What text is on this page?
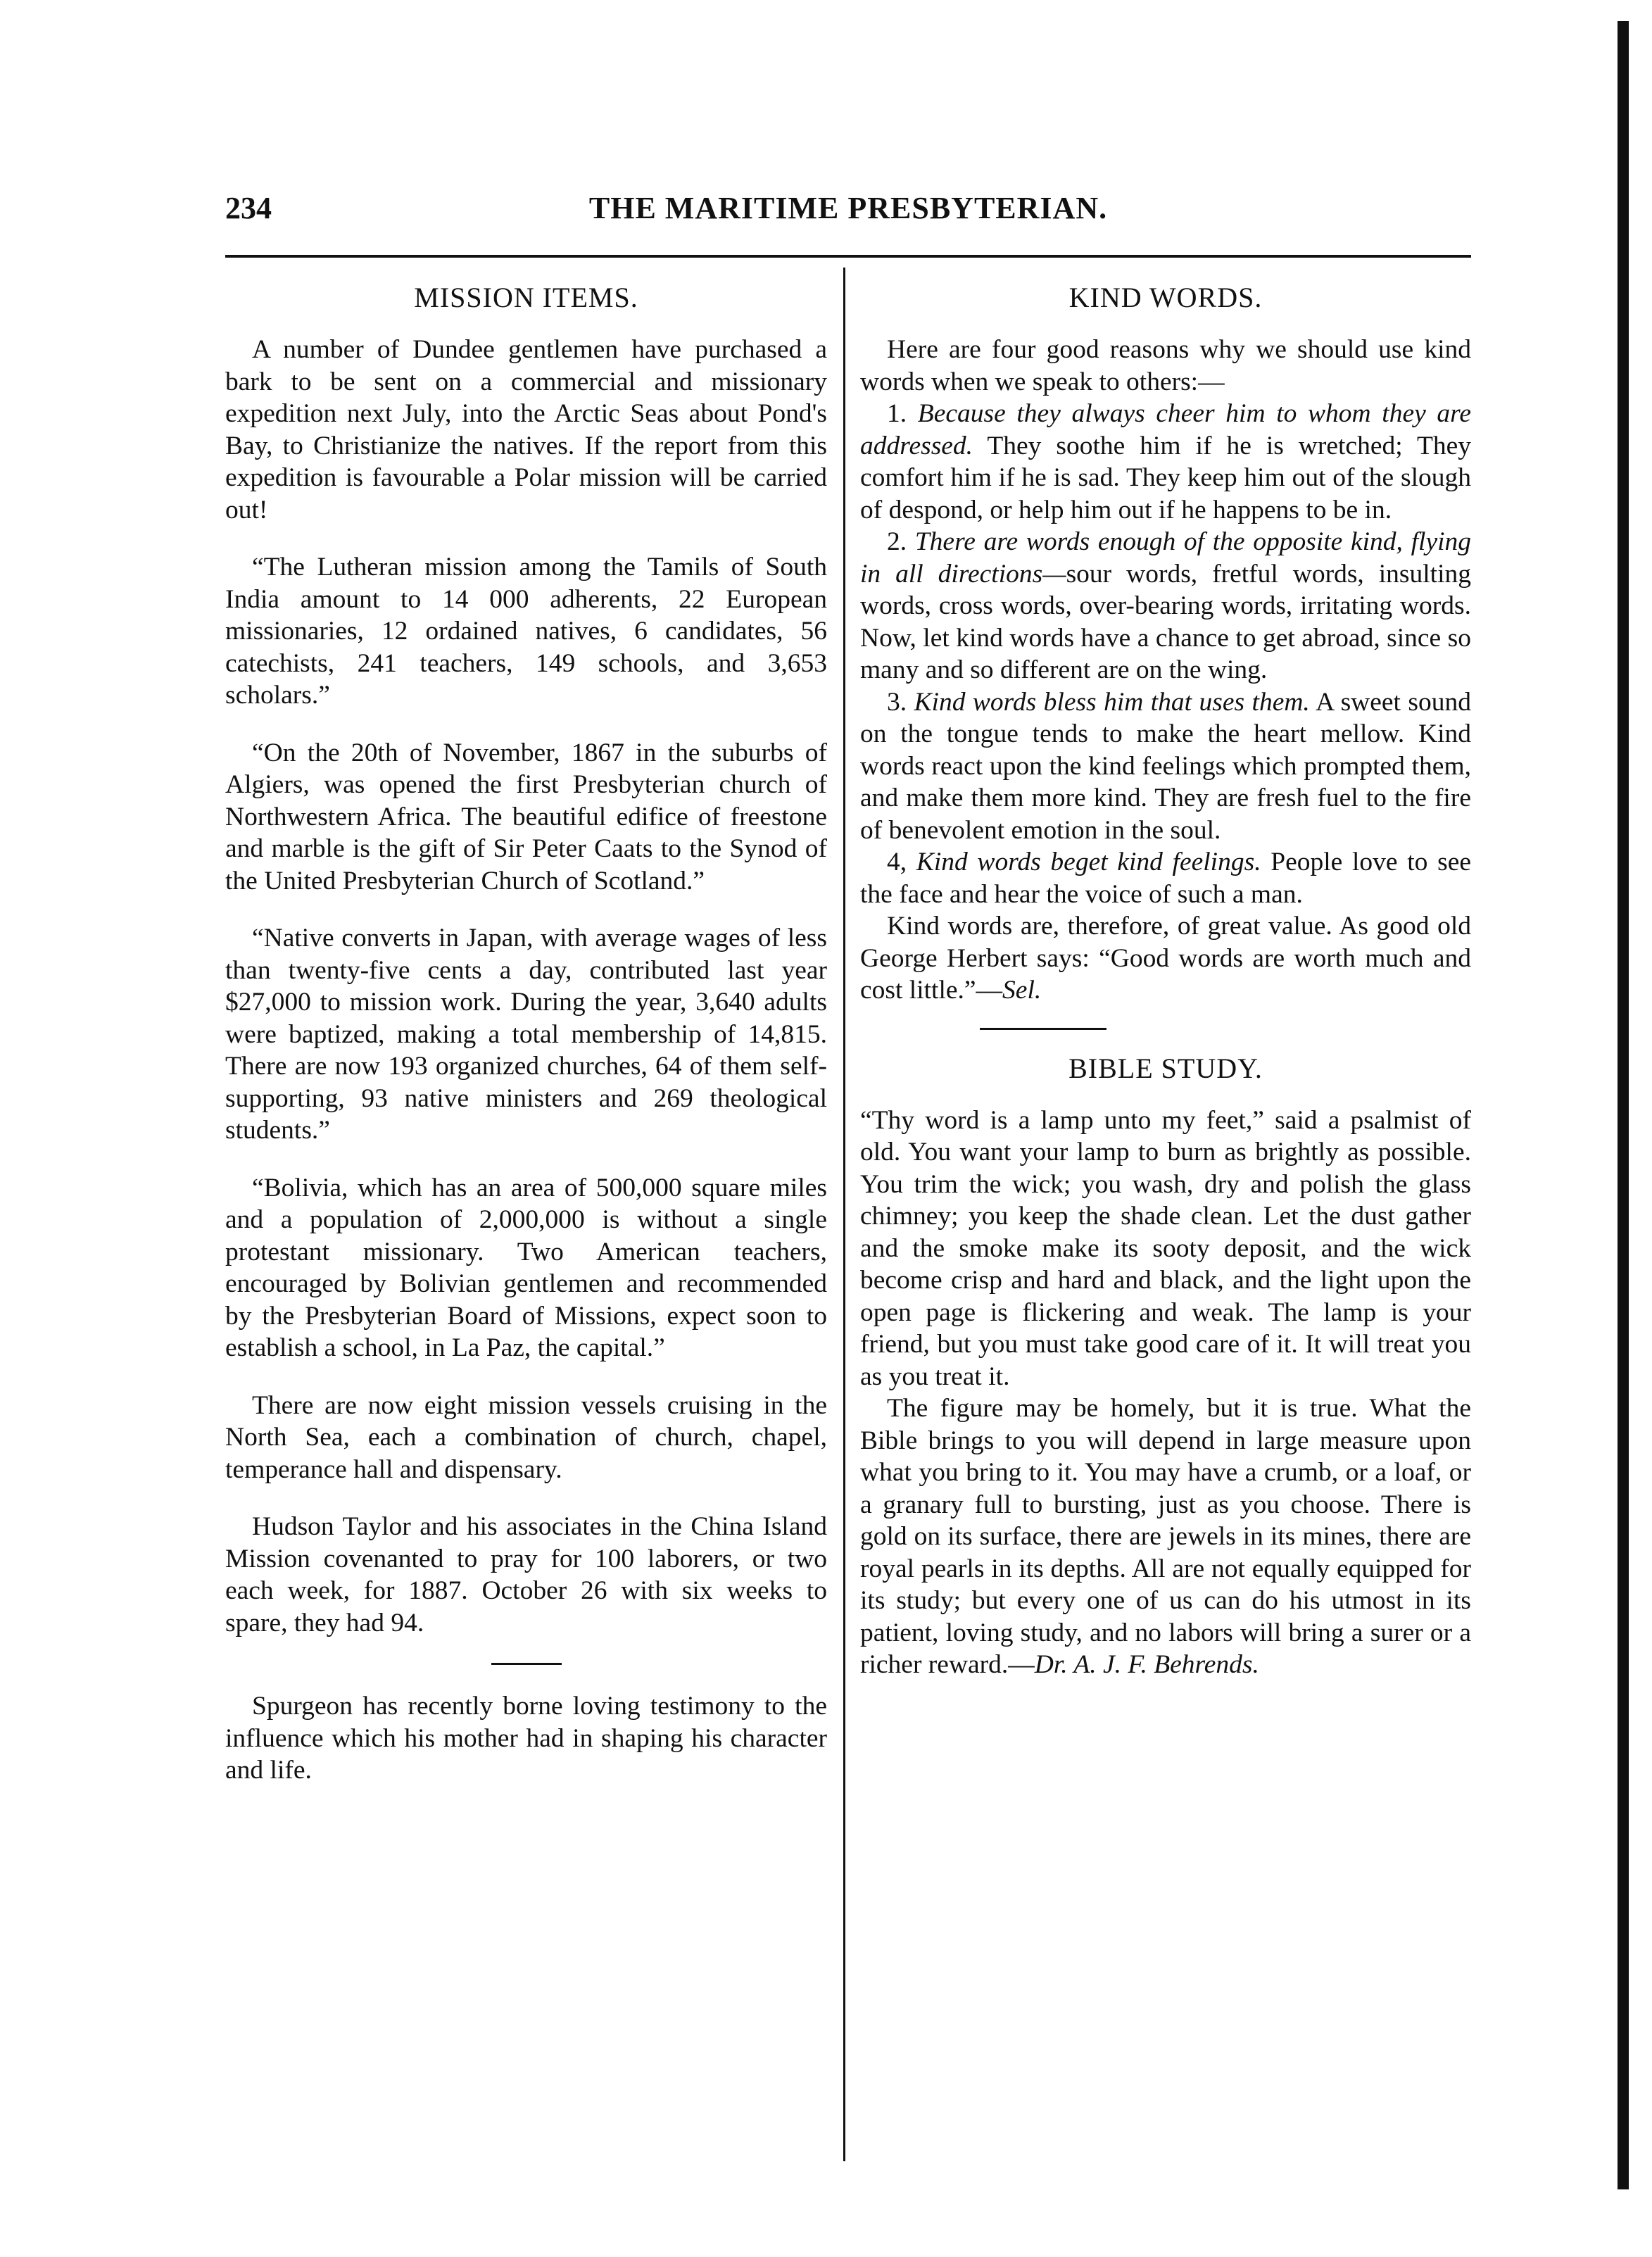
234	THE MARITIME PRESBYTERIAN.
MISSION ITEMS.

A number of Dundee gentlemen have purchased a bark to be sent on a commercial and missionary expedition next July, into the Arctic Seas about Pond's Bay, to Christianize the natives. If the report from this expedition is favourable a Polar mission will be carried out!

“The Lutheran mission among the Tamils of South India amount to 14 000 adherents, 22 European missionaries, 12 ordained natives, 6 candidates, 56 catechists, 241 teachers, 149 schools, and 3,653 scholars.”

“On the 20th of November, 1867 in the suburbs of Algiers, was opened the first Presbyterian church of Northwestern Africa. The beautiful edifice of freestone and marble is the gift of Sir Peter Caats to the Synod of the United Presbyterian Church of Scotland.”

“Native converts in Japan, with average wages of less than twenty-five cents a day, contributed last year $27,000 to mission work. During the year, 3,640 adults were baptized, making a total membership of 14,815. There are now 193 organized churches, 64 of them self-supporting, 93 native ministers and 269 theological students.”

“Bolivia, which has an area of 500,000 square miles and a population of 2,000,000 is without a single protestant missionary. Two American teachers, encouraged by Bolivian gentlemen and recommended by the Presbyterian Board of Missions, expect soon to establish a school, in La Paz, the capital.”

There are now eight mission vessels cruising in the North Sea, each a combination of church, chapel, temperance hall and dispensary.

Hudson Taylor and his associates in the China Island Mission covenanted to pray for 100 laborers, or two each week, for 1887. October 26 with six weeks to spare, they had 94.

Spurgeon has recently borne loving testimony to the influence which his mother had in shaping his character and life.

KIND WORDS.

Here are four good reasons why we should use kind words when we speak to others:—

1. Because they always cheer him to whom they are addressed. They soothe him if he is wretched; They comfort him if he is sad. They keep him out of the slough of despond, or help him out if he happens to be in.

2. There are words enough of the opposite kind, flying in all directions—sour words, fretful words, insulting words, cross words, over-bearing words, irritating words. Now, let kind words have a chance to get abroad, since so many and so different are on the wing.

3. Kind words bless him that uses them. A sweet sound on the tongue tends to make the heart mellow. Kind words react upon the kind feelings which prompted them, and make them more kind. They are fresh fuel to the fire of benevolent emotion in the soul.

4, Kind words beget kind feelings. People love to see the face and hear the voice of such a man.

Kind words are, therefore, of great value. As good old George Herbert says: “Good words are worth much and cost little.”—Sel.

BIBLE STUDY.

“Thy word is a lamp unto my feet,” said a psalmist of old. You want your lamp to burn as brightly as possible. You trim the wick; you wash, dry and polish the glass chimney; you keep the shade clean. Let the dust gather and the smoke make its sooty deposit, and the wick become crisp and hard and black, and the light upon the open page is flickering and weak. The lamp is your friend, but you must take good care of it. It will treat you as you treat it.

The figure may be homely, but it is true. What the Bible brings to you will depend in large measure upon what you bring to it. You may have a crumb, or a loaf, or a granary full to bursting, just as you choose. There is gold on its surface, there are jewels in its mines, there are royal pearls in its depths. All are not equally equipped for its study; but every one of us can do his utmost in its patient, loving study, and no labors will bring a surer or a richer reward.—Dr. A. J. F. Behrends.
